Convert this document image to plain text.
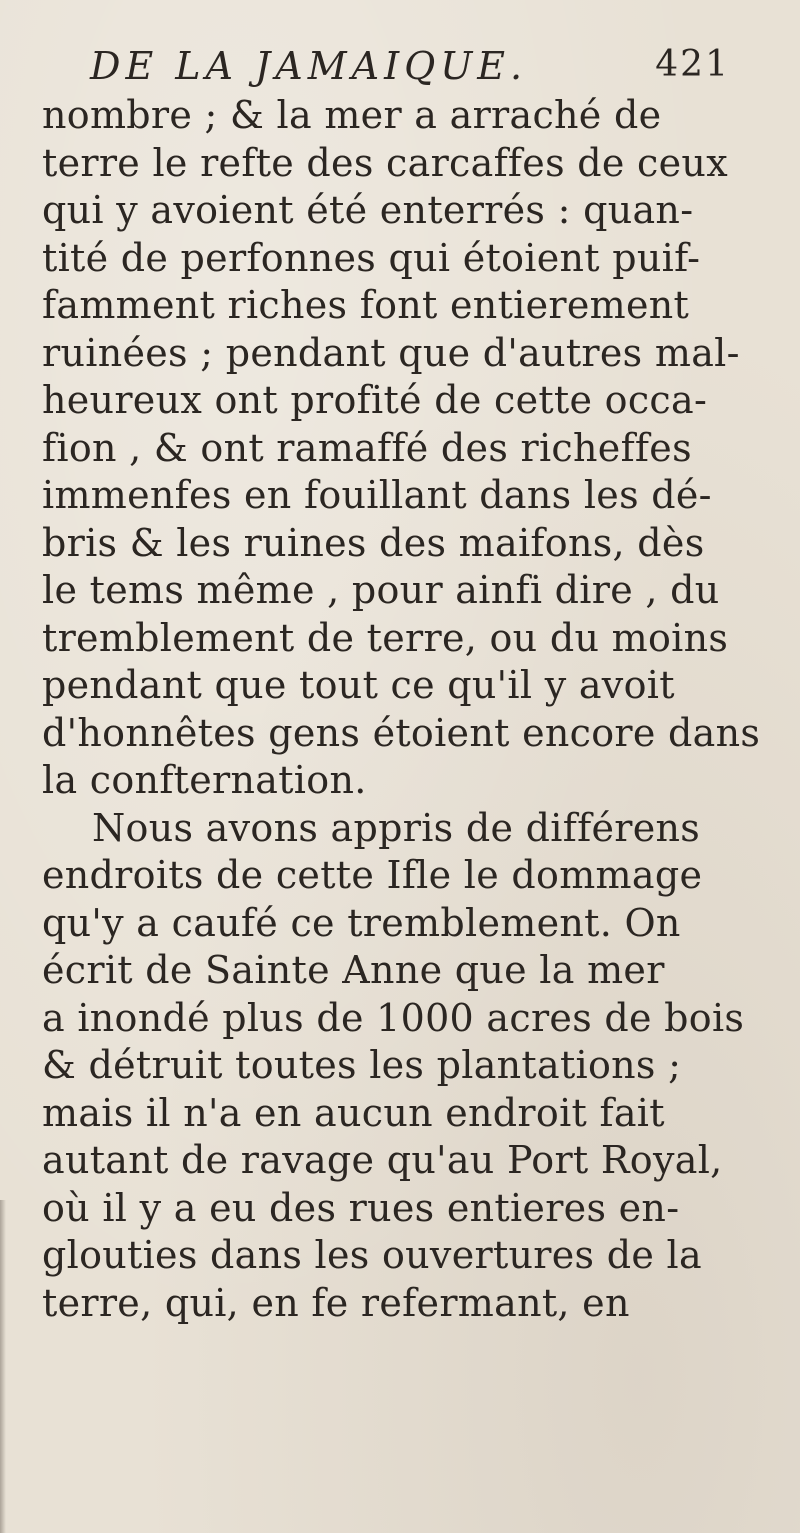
DE LA JAMAIQUE.	421
nombre ; & la mer a arraché de
terre le refte des carcaffes de ceux
qui y avoient été enterrés : quan-
tité de perfonnes qui étoient puif-
famment riches font entierement
ruinées ; pendant que d'autres mal-
heureux ont profité de cette occa-
fion , & ont ramaffé des richeffes
immenfes en fouillant dans les dé-
bris & les ruines des maifons, dès
le tems même , pour ainfi dire , du
tremblement de terre, ou du moins
pendant que tout ce qu'il y avoit
d'honnêtes gens étoient encore dans
la confternation.
Nous avons appris de différens
endroits de cette Ifle le dommage
qu'y a caufé ce tremblement. On
écrit de Sainte Anne que la mer
a inondé plus de 1000 acres de bois
& détruit toutes les plantations ;
mais il n'a en aucun endroit fait
autant de ravage qu'au Port Royal,
où il y a eu des rues entieres en-
glouties dans les ouvertures de la
terre, qui, en fe refermant, en
